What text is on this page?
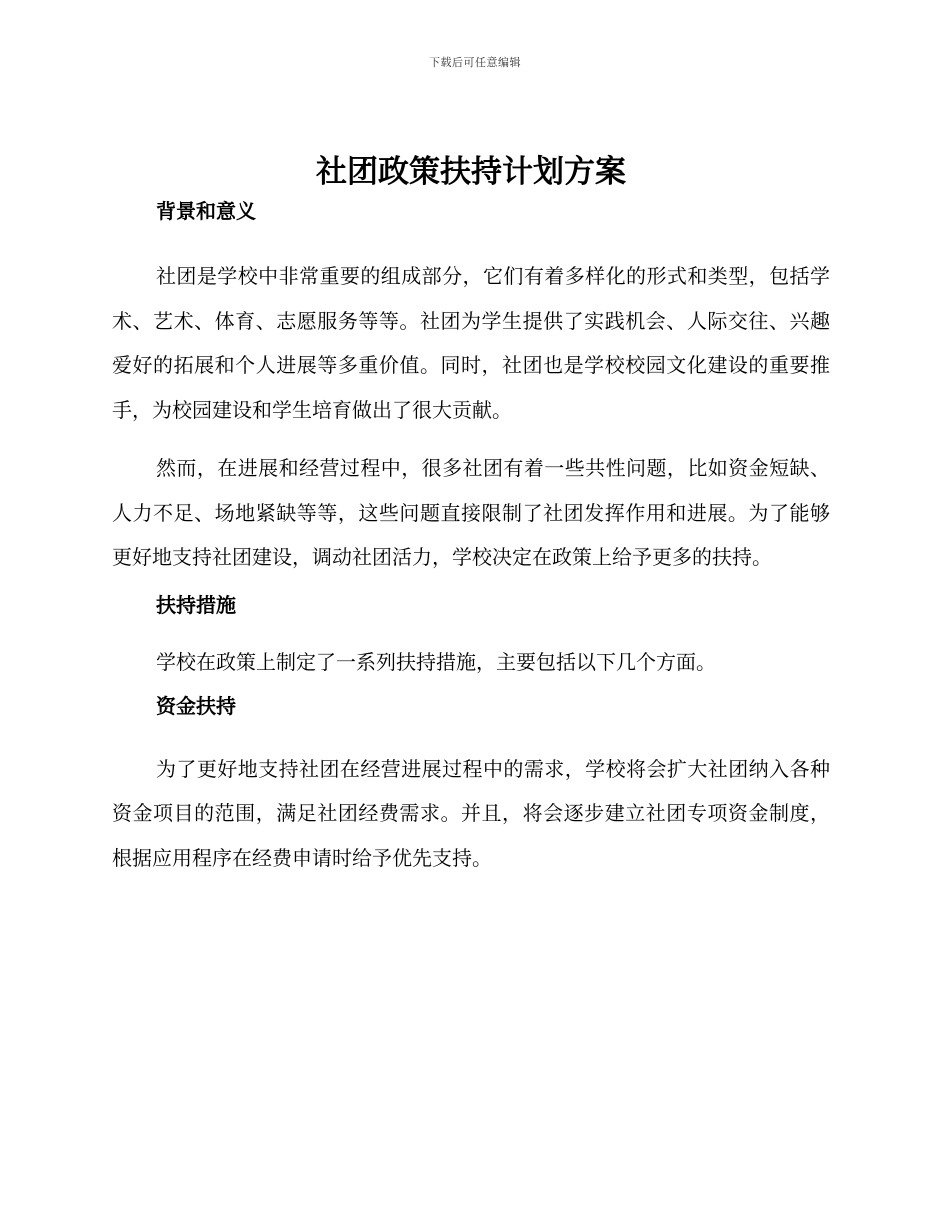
下载后可任意编辑
社团政策扶持计划方案
背景和意义

社团是学校中非常重要的组成部分，它们有着多样化的形式和类型，包括学术、艺术、体育、志愿服务等等。社团为学生提供了实践机会、人际交往、兴趣爱好的拓展和个人进展等多重价值。同时，社团也是学校校园文化建设的重要推手，为校园建设和学生培育做出了很大贡献。

然而，在进展和经营过程中，很多社团有着一些共性问题，比如资金短缺、人力不足、场地紧缺等等，这些问题直接限制了社团发挥作用和进展。为了能够更好地支持社团建设，调动社团活力，学校决定在政策上给予更多的扶持。

扶持措施

学校在政策上制定了一系列扶持措施，主要包括以下几个方面。

资金扶持

为了更好地支持社团在经营进展过程中的需求，学校将会扩大社团纳入各种资金项目的范围，满足社团经费需求。并且，将会逐步建立社团专项资金制度，根据应用程序在经费申请时给予优先支持。
